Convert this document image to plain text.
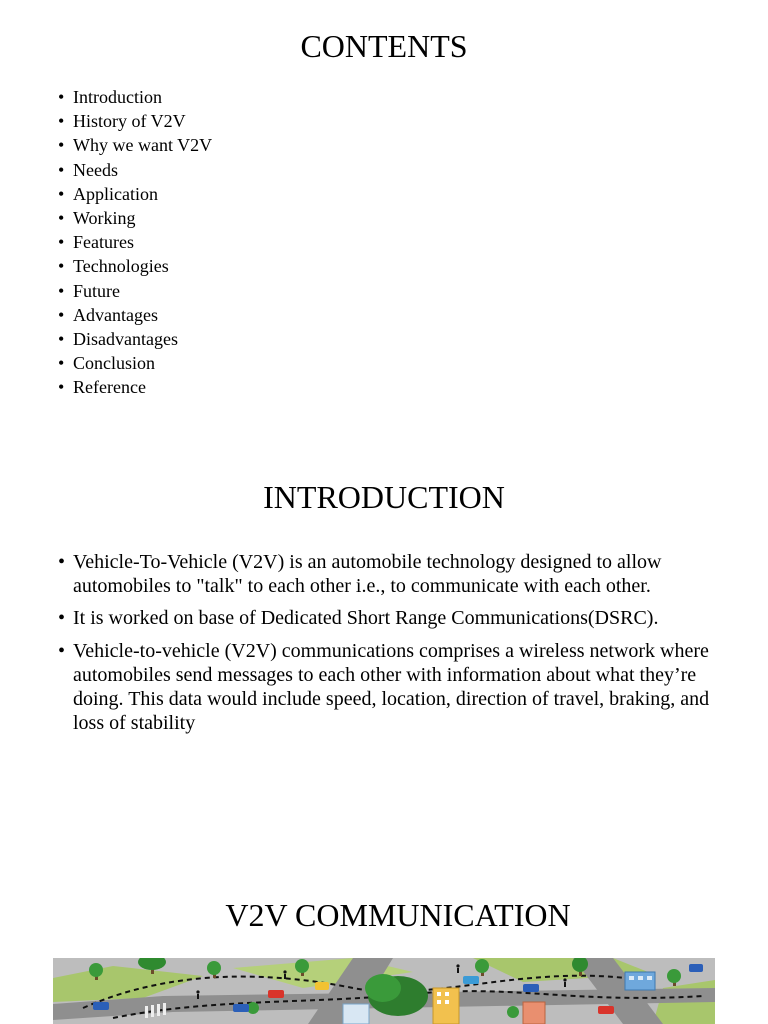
CONTENTS
• Introduction
• History of V2V
• Why we want V2V
• Needs
• Application
• Working
• Features
• Technologies
• Future
• Advantages
• Disadvantages
• Conclusion
• Reference
INTRODUCTION
• Vehicle-To-Vehicle (V2V) is an automobile technology designed to allow automobiles to "talk" to each other i.e., to communicate with each other.
• It is worked on base of Dedicated Short Range Communications(DSRC).
• Vehicle-to-vehicle (V2V) communications comprises a wireless network where automobiles send messages to each other with information about what they’re doing. This data would include speed, location, direction of travel, braking, and loss of stability
V2V COMMUNICATION
